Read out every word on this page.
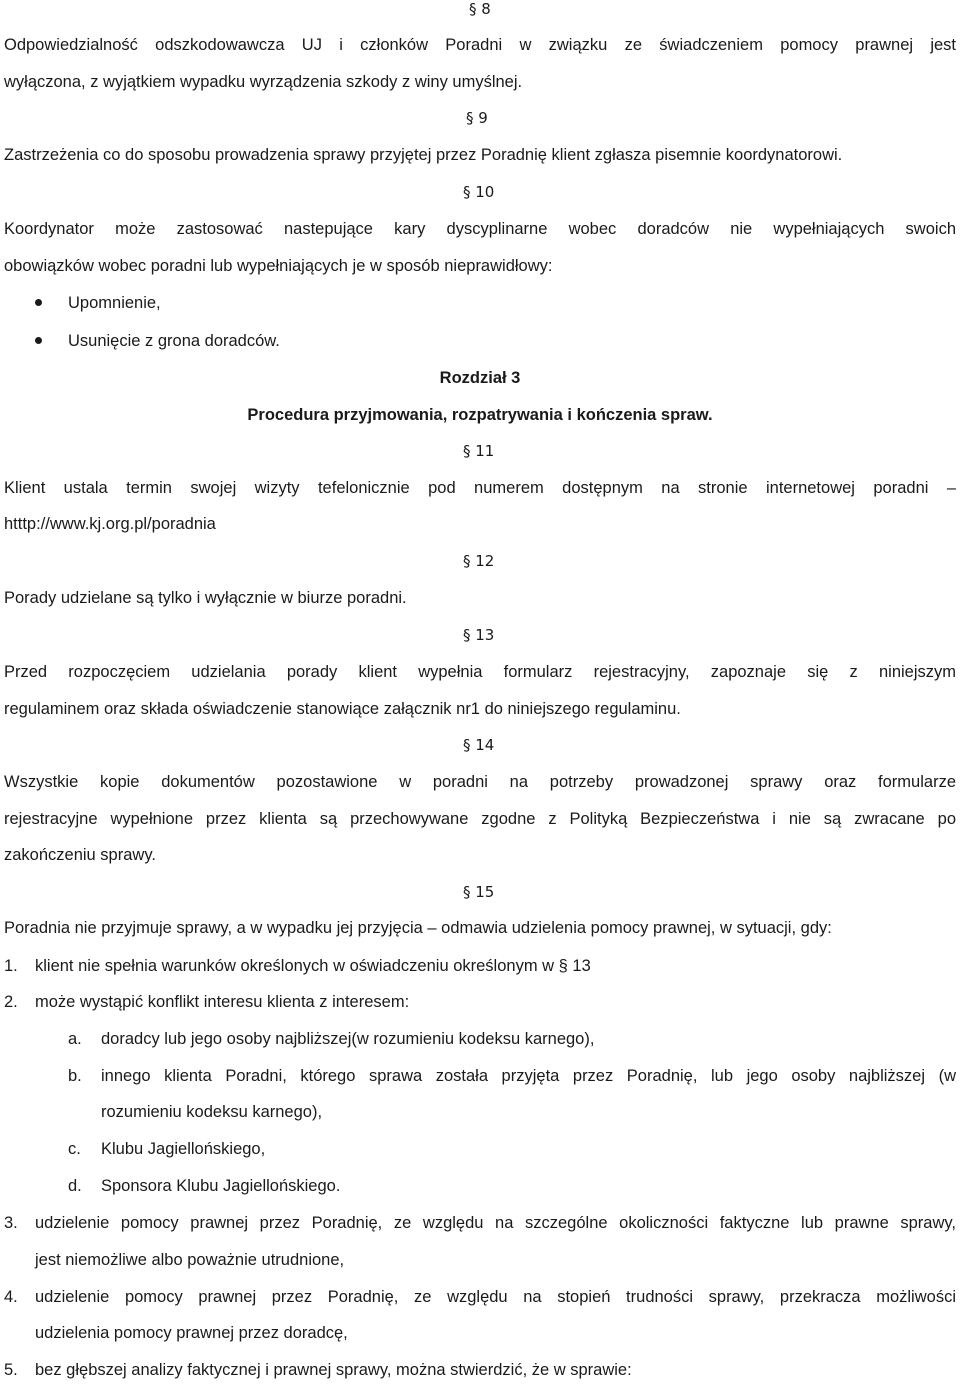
§ 8
Odpowiedzialność odszkodowawcza UJ i członków Poradni w związku ze świadczeniem pomocy prawnej jest
wyłączona, z wyjątkiem wypadku wyrządzenia szkody z winy umyślnej.
§ 9
Zastrzeżenia co do sposobu prowadzenia sprawy przyjętej przez Poradnię klient zgłasza pisemnie koordynatorowi.
§ 10
Koordynator może zastosować nastepujące kary dyscyplinarne wobec doradców nie wypełniających swoich
obowiązków wobec poradni lub wypełniających je w sposób nieprawidłowy:
Upomnienie,
Usunięcie z grona doradców.
Rozdział 3
Procedura przyjmowania, rozpatrywania i kończenia spraw.
§ 11
Klient ustala termin swojej wizyty tefelonicznie pod numerem dostępnym na stronie internetowej poradni –
htttp://www.kj.org.pl/poradnia
§ 12
Porady udzielane są tylko i wyłącznie w biurze poradni.
§ 13
Przed rozpoczęciem udzielania porady klient wypełnia formularz rejestracyjny, zapoznaje się z niniejszym
regulaminem oraz składa oświadczenie stanowiące załącznik nr1 do niniejszego regulaminu.
§ 14
Wszystkie kopie dokumentów pozostawione w poradni na potrzeby prowadzonej sprawy oraz formularze
rejestracyjne wypełnione przez klienta są przechowywane zgodne z Polityką Bezpieczeństwa i nie są zwracane po
zakończeniu sprawy.
§ 15
Poradnia nie przyjmuje sprawy, a w wypadku jej przyjęcia – odmawia udzielenia pomocy prawnej, w sytuacji, gdy:
1. klient nie spełnia warunków określonych w oświadczeniu określonym w § 13
2. może wystąpić konflikt interesu klienta z interesem:
a. doradcy lub jego osoby najbliższej(w rozumieniu kodeksu karnego),
b. innego klienta Poradni, którego sprawa została przyjęta przez Poradnię, lub jego osoby najbliższej (w
rozumieniu kodeksu karnego),
c. Klubu Jagiellońskiego,
d. Sponsora Klubu Jagiellońskiego.
3. udzielenie pomocy prawnej przez Poradnię, ze względu na szczególne okoliczności faktyczne lub prawne sprawy,
jest niemożliwe albo poważnie utrudnione,
4. udzielenie pomocy prawnej przez Poradnię, ze względu na stopień trudności sprawy, przekracza możliwości
udzielenia pomocy prawnej przez doradcę,
5. bez głębszej analizy faktycznej i prawnej sprawy, można stwierdzić, że w sprawie:
